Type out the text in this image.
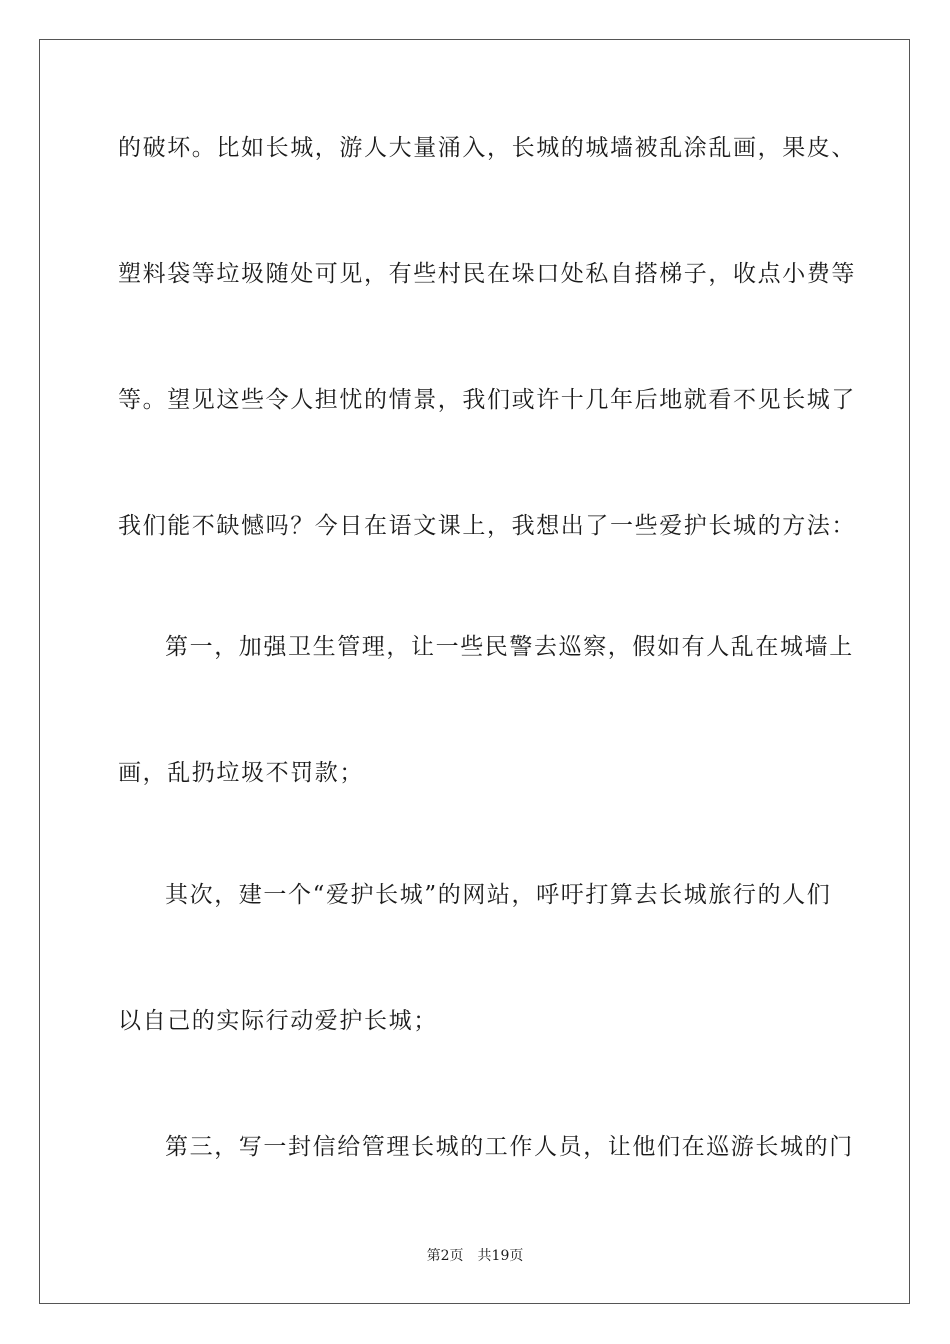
的破坏。比如长城，游人大量涌入，长城的城墙被乱涂乱画，果皮、
塑料袋等垃圾随处可见，有些村民在垛口处私自搭梯子，收点小费等
等。望见这些令人担忧的情景，我们或许十几年后地就看不见长城了
我们能不缺憾吗？今日在语文课上，我想出了一些爱护长城的方法：
第一，加强卫生管理，让一些民警去巡察，假如有人乱在城墙上
画，乱扔垃圾不罚款；
其次，建一个“爱护长城”的网站，呼吁打算去长城旅行的人们
以自己的实际行动爱护长城；
第三，写一封信给管理长城的工作人员，让他们在巡游长城的门
第2页 共19页
